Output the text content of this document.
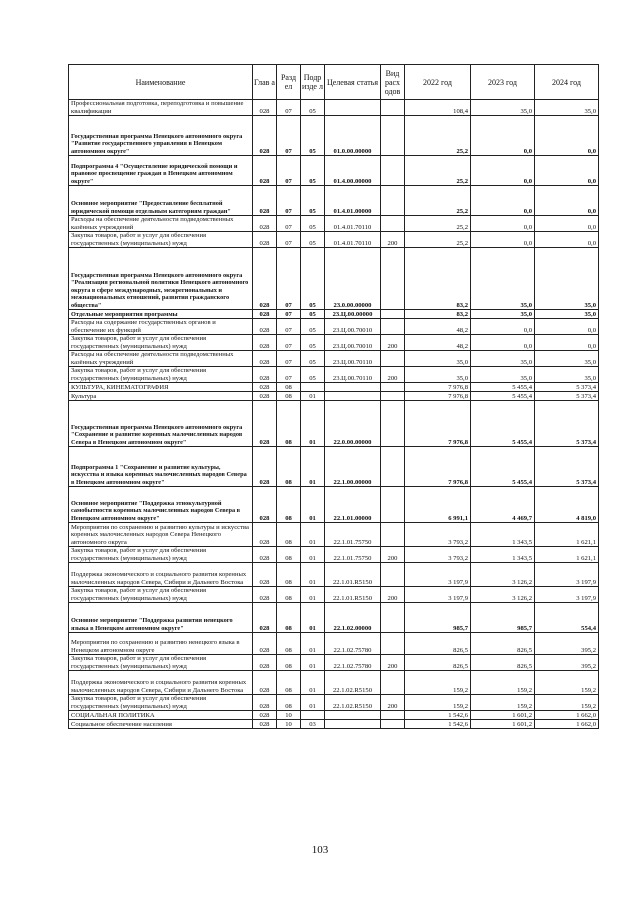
Наименование	Глав а	Разд ел	Подр изде л	Целевая статья	Вид расх одов	2022 год	2023 год	2024 год
Профессиональная подготовка, переподготовка и повышение квалификации	028	07	05			108,4	35,0	35,0
Государственная программа Ненецкого автономного округа "Развитие государственного управления в Ненецком автономном округе"	028	07	05	01.0.00.00000		25,2	0,0	0,0
Подпрограмма 4 "Осуществление юридической помощи и правовое просвещение граждан в Ненецком автономном округе"	028	07	05	01.4.00.00000		25,2	0,0	0,0
Основное мероприятие "Предоставление бесплатной юридической помощи отдельным категориям граждан"	028	07	05	01.4.01.00000		25,2	0,0	0,0
Расходы на обеспечение деятельности подведомственных казённых учреждений	028	07	05	01.4.01.70110		25,2	0,0	0,0
Закупка товаров, работ и услуг для обеспечения государственных (муниципальных) нужд	028	07	05	01.4.01.70110	200	25,2	0,0	0,0
Государственная программа Ненецкого автономного округа "Реализация региональной политики Ненецкого автономного округа в сфере международных, межрегиональных и межнациональных отношений, развития гражданского общества"	028	07	05	23.0.00.00000		83,2	35,0	35,0
Отдельные мероприятия программы	028	07	05	23.Ц.00.00000		83,2	35,0	35,0
Расходы на содержание государственных органов и обеспечение их функций	028	07	05	23.Ц.00.70010		48,2	0,0	0,0
Закупка товаров, работ и услуг для обеспечения государственных (муниципальных) нужд	028	07	05	23.Ц.00.70010	200	48,2	0,0	0,0
Расходы на обеспечение деятельности подведомственных казённых учреждений	028	07	05	23.Ц.00.70110		35,0	35,0	35,0
Закупка товаров, работ и услуг для обеспечения государственных (муниципальных) нужд	028	07	05	23.Ц.00.70110	200	35,0	35,0	35,0
КУЛЬТУРА, КИНЕМАТОГРАФИЯ	028	08				7 976,8	5 455,4	5 373,4
Культура	028	08	01			7 976,8	5 455,4	5 373,4
Государственная программа Ненецкого автономного округа "Сохранение и развитие коренных малочисленных народов Севера в Ненецком автономном округе"	028	08	01	22.0.00.00000		7 976,8	5 455,4	5 373,4
Подпрограмма 1 "Сохранение и развитие культуры, искусства и языка коренных малочисленных народов Севера в Ненецком автономном округе"	028	08	01	22.1.00.00000		7 976,8	5 455,4	5 373,4
Основное мероприятие "Поддержка этнокультурной самобытности коренных малочисленных народов Севера в Ненецком автономном округе"	028	08	01	22.1.01.00000		6 991,1	4 469,7	4 819,0
Мероприятия по сохранению и развитию культуры и искусства коренных малочисленных народов Севера Ненецкого автономного округа	028	08	01	22.1.01.75750		3 793,2	1 343,5	1 621,1
Закупка товаров, работ и услуг для обеспечения государственных (муниципальных) нужд	028	08	01	22.1.01.75750	200	3 793,2	1 343,5	1 621,1
Поддержка экономического и социального развития коренных малочисленных народов Севера, Сибири и Дальнего Востока	028	08	01	22.1.01.R5150		3 197,9	3 126,2	3 197,9
Закупка товаров, работ и услуг для обеспечения государственных (муниципальных) нужд	028	08	01	22.1.01.R5150	200	3 197,9	3 126,2	3 197,9
Основное мероприятие "Поддержка развития ненецкого языка в Ненецком автономном округе"	028	08	01	22.1.02.00000		985,7	985,7	554,4
Мероприятия по сохранению и развитию ненецкого языка в Ненецком автономном округе	028	08	01	22.1.02.75780		826,5	826,5	395,2
Закупка товаров, работ и услуг для обеспечения государственных (муниципальных) нужд	028	08	01	22.1.02.75780	200	826,5	826,5	395,2
Поддержка экономического и социального развития коренных малочисленных народов Севера, Сибири и Дальнего Востока	028	08	01	22.1.02.R5150		159,2	159,2	159,2
Закупка товаров, работ и услуг для обеспечения государственных (муниципальных) нужд	028	08	01	22.1.02.R5150	200	159,2	159,2	159,2
СОЦИАЛЬНАЯ ПОЛИТИКА	028	10				1 542,6	1 601,2	1 662,0
Социальное обеспечение населения	028	10	03			1 542,6	1 601,2	1 662,0
103
